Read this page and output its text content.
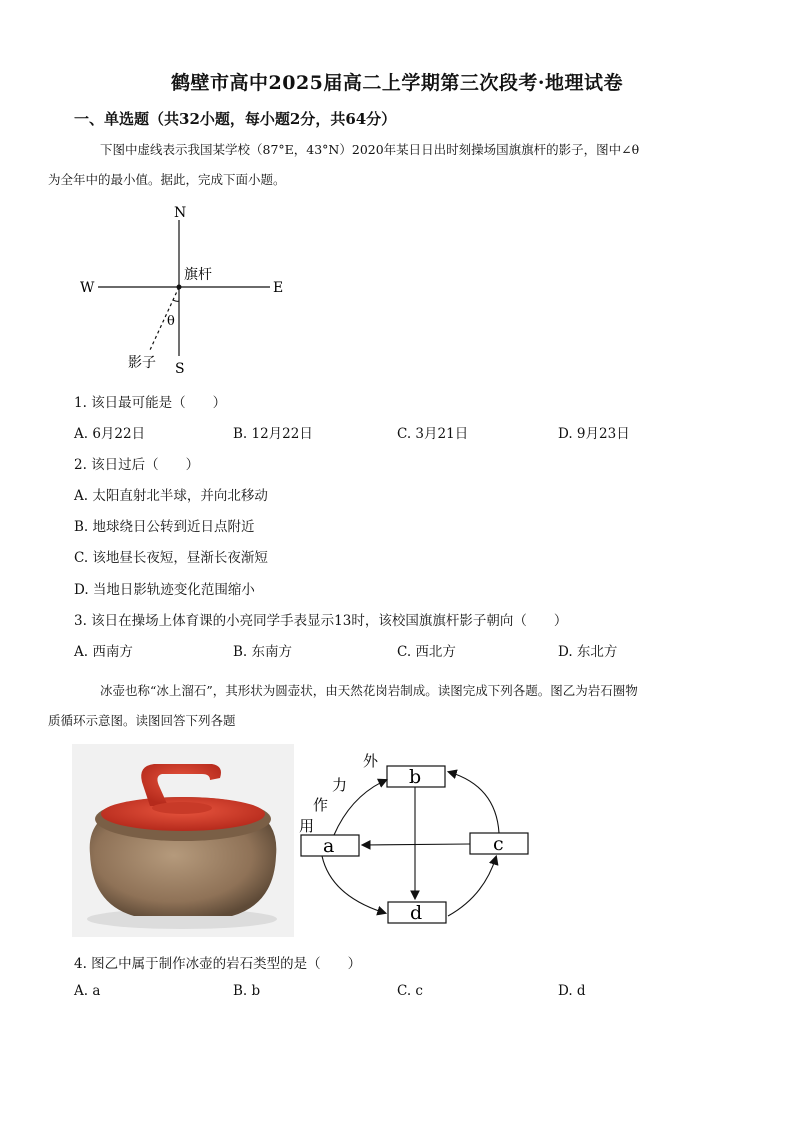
鹤壁市高中2025届高二上学期第三次段考·地理试卷
一、单选题（共32小题，每小题2分，共64分）
下图中虚线表示我国某学校（87°E，43°N）2020年某日日出时刻操场国旗旗杆的影子，图中∠θ
为全年中的最小值。据此，完成下面小题。
N
S
E
W
旗杆
影子
θ
1. 该日最可能是（　　）
A. 6月22日	B. 12月22日	C. 3月21日	D. 9月23日
2. 该日过后（　　）
A. 太阳直射北半球，并向北移动
B. 地球绕日公转到近日点附近
C. 该地昼长夜短，昼渐长夜渐短
D. 当地日影轨迹变化范围缩小
3. 该日在操场上体育课的小亮同学手表显示13时，该校国旗旗杆影子朝向（　　）
A. 西南方	B. 东南方	C. 西北方	D. 东北方
冰壶也称“冰上溜石”，其形状为圆壶状，由天然花岗岩制成。读图完成下列各题。图乙为岩石圈物
质循环示意图。读图回答下列各题
b
a	c
d
外
力
作
用
4. 图乙中属于制作冰壶的岩石类型的是（　　）
A. a	B. b	C. c	D. d
